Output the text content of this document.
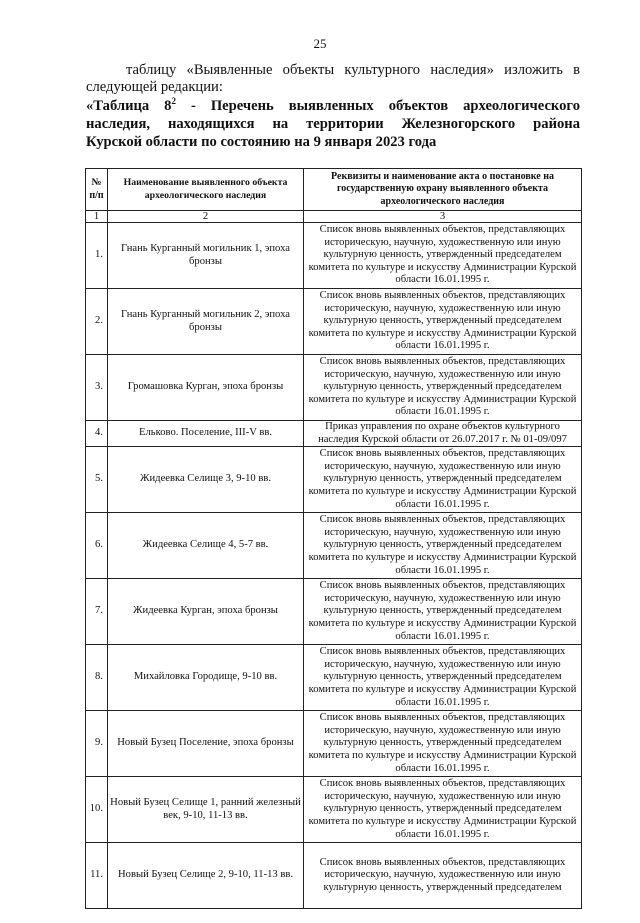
25
таблицу «Выявленные объекты культурного наследия» изложить в
следующей редакции:
«Таблица $8^2$ - Перечень выявленных объектов археологического
наследия, находящихся на территории Железногорского района
Курской области по состоянию на 9 января 2023 года
№ п/п	Наименование выявленного объекта археологического наследия	Реквизиты и наименование акта о постановке на государственную охрану выявленного объекта археологического наследия
1	2	3
1.	Гнань Курганный могильник 1, эпоха бронзы	Список вновь выявленных объектов, представляющих историческую, научную, художественную или иную культурную ценность, утвержденный председателем комитета по культуре и искусству Администрации Курской области 16.01.1995 г.
2.	Гнань Курганный могильник 2, эпоха бронзы	Список вновь выявленных объектов, представляющих историческую, научную, художественную или иную культурную ценность, утвержденный председателем комитета по культуре и искусству Администрации Курской области 16.01.1995 г.
3.	Громашовка Курган, эпоха бронзы	Список вновь выявленных объектов, представляющих историческую, научную, художественную или иную культурную ценность, утвержденный председателем комитета по культуре и искусству Администрации Курской области 16.01.1995 г.
4.	Ельково. Поселение, III-V вв.	Приказ управления по охране объектов культурного наследия Курской области от 26.07.2017 г. № 01-09/097
5.	Жидеевка Селище 3, 9-10 вв.	Список вновь выявленных объектов, представляющих историческую, научную, художественную или иную культурную ценность, утвержденный председателем комитета по культуре и искусству Администрации Курской области 16.01.1995 г.
6.	Жидеевка Селище 4, 5-7 вв.	Список вновь выявленных объектов, представляющих историческую, научную, художественную или иную культурную ценность, утвержденный председателем комитета по культуре и искусству Администрации Курской области 16.01.1995 г.
7.	Жидеевка Курган, эпоха бронзы	Список вновь выявленных объектов, представляющих историческую, научную, художественную или иную культурную ценность, утвержденный председателем комитета по культуре и искусству Администрации Курской области 16.01.1995 г.
8.	Михайловка Городище, 9-10 вв.	Список вновь выявленных объектов, представляющих историческую, научную, художественную или иную культурную ценность, утвержденный председателем комитета по культуре и искусству Администрации Курской области 16.01.1995 г.
9.	Новый Бузец Поселение, эпоха бронзы	Список вновь выявленных объектов, представляющих историческую, научную, художественную или иную культурную ценность, утвержденный председателем комитета по культуре и искусству Администрации Курской области 16.01.1995 г.
10.	Новый Бузец Селище 1, ранний железный век, 9-10, 11-13 вв.	Список вновь выявленных объектов, представляющих историческую, научную, художественную или иную культурную ценность, утвержденный председателем комитета по культуре и искусству Администрации Курской области 16.01.1995 г.
11.	Новый Бузец Селище 2, 9-10, 11-13 вв.	Список вновь выявленных объектов, представляющих историческую, научную, художественную или иную культурную ценность, утвержденный председателем
